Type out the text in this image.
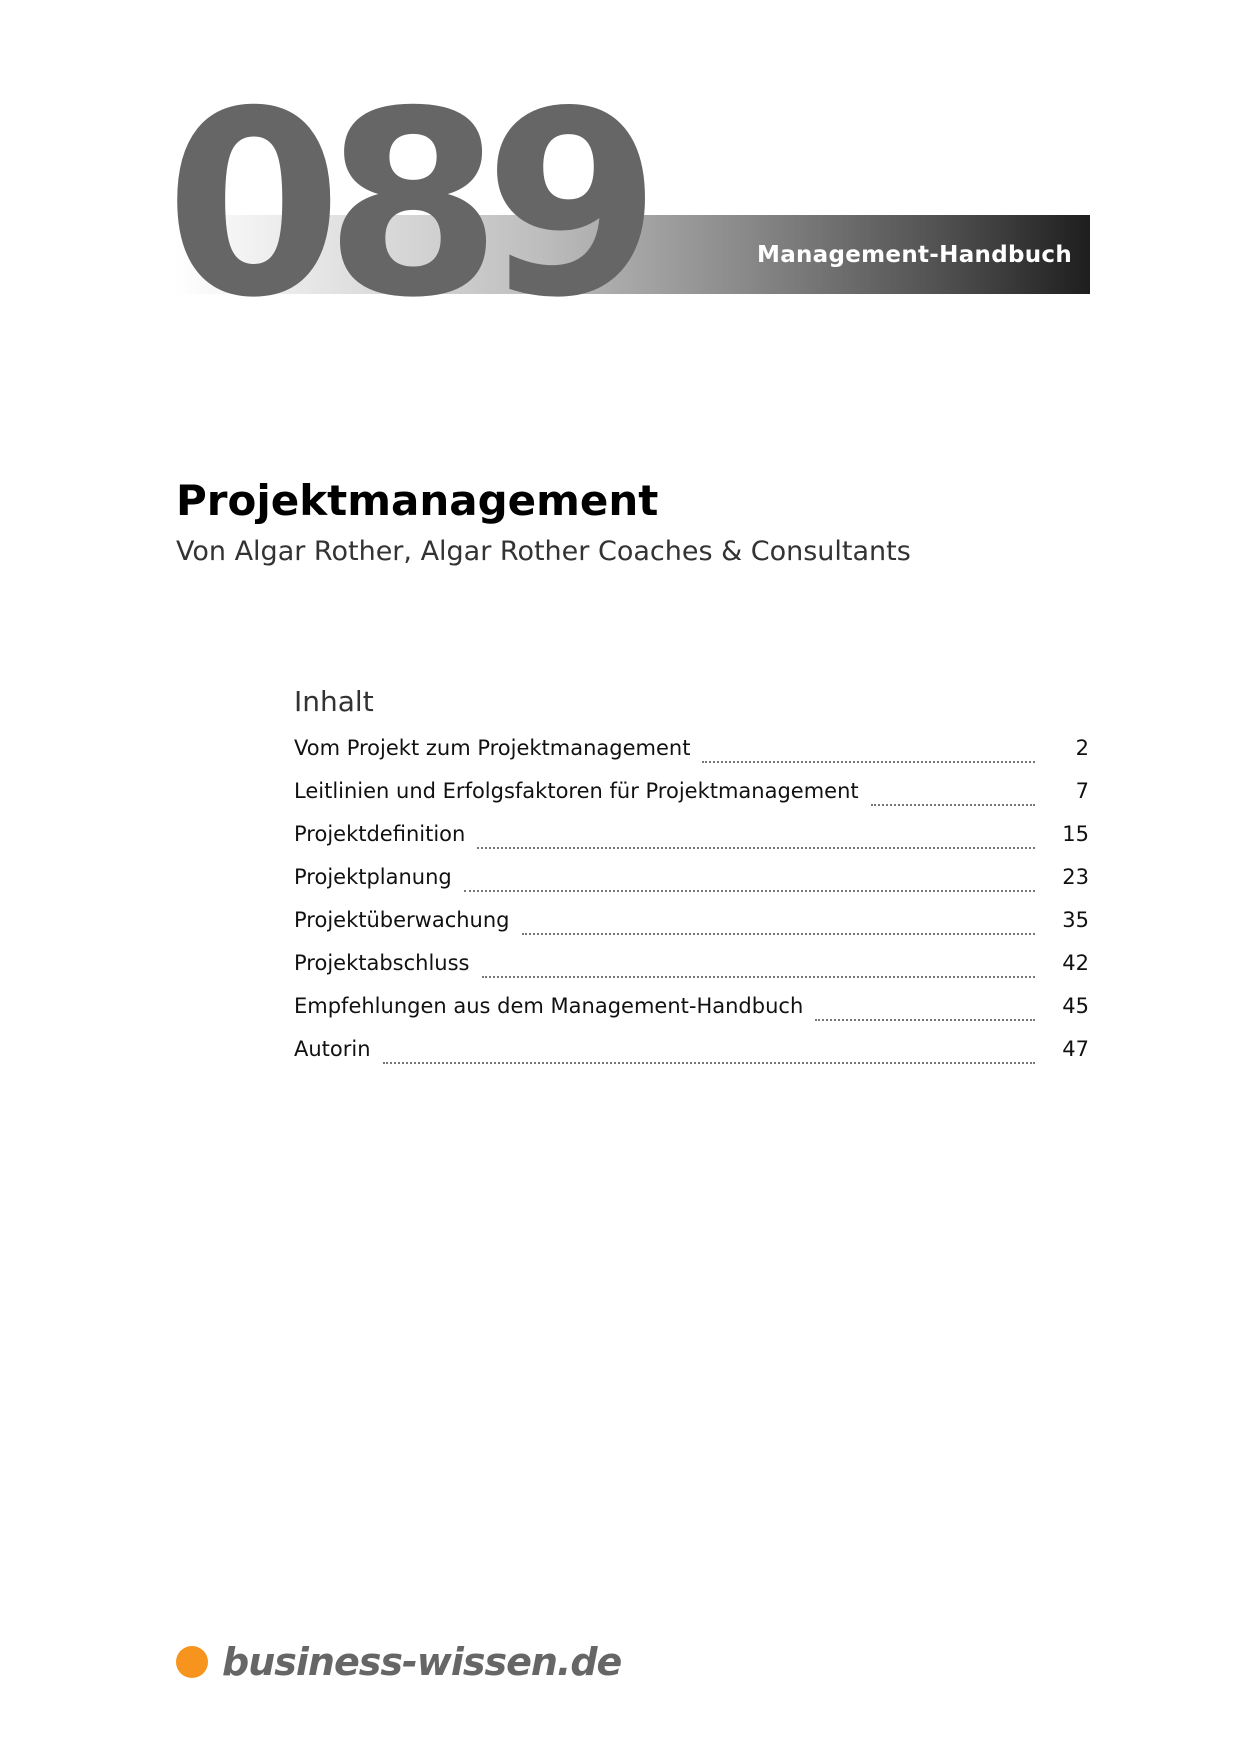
089	Management-Handbuch
Projektmanagement
Von Algar Rother, Algar Rother Coaches & Consultants
Inhalt
Vom Projekt zum Projektmanagement	2
Leitlinien und Erfolgsfaktoren für Projektmanagement	7
Projektdefinition	15
Projektplanung	23
Projektüberwachung	35
Projektabschluss	42
Empfehlungen aus dem Management-Handbuch	45
Autorin	47
business-wissen.de
